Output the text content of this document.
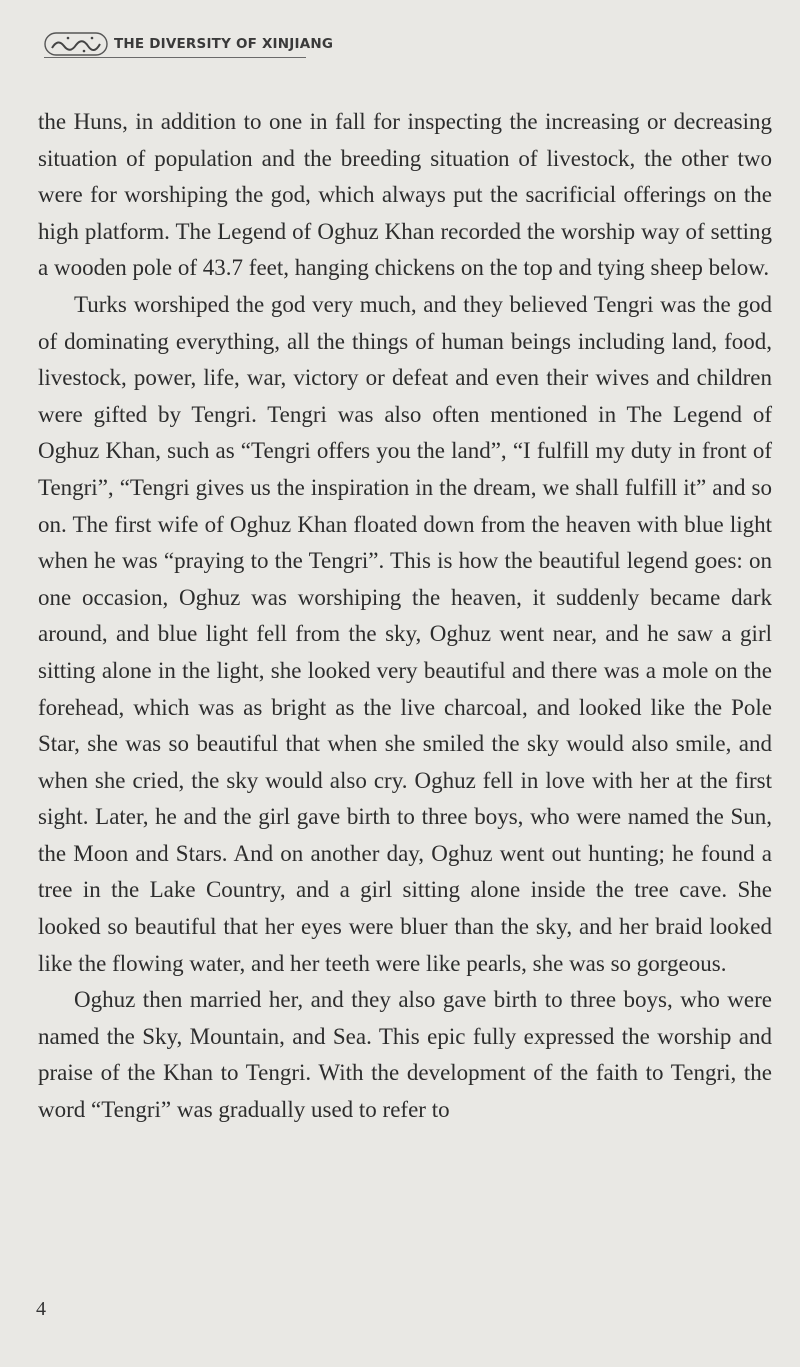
THE DIVERSITY OF XINJIANG

the Huns, in addition to one in fall for inspecting the increasing or decreasing situation of population and the breeding situation of livestock, the other two were for worshiping the god, which always put the sacrificial offerings on the high platform. The Legend of Oghuz Khan recorded the worship way of setting a wooden pole of 43.7 feet, hanging chickens on the top and tying sheep below.

Turks worshiped the god very much, and they believed Tengri was the god of dominating everything, all the things of human beings including land, food, livestock, power, life, war, victory or defeat and even their wives and children were gifted by Tengri. Tengri was also often mentioned in The Legend of Oghuz Khan, such as “Tengri offers you the land”, “I fulfill my duty in front of Tengri”, “Tengri gives us the inspiration in the dream, we shall fulfill it” and so on. The first wife of Oghuz Khan floated down from the heaven with blue light when he was “praying to the Tengri”. This is how the beautiful legend goes: on one occasion, Oghuz was worshiping the heaven, it suddenly became dark around, and blue light fell from the sky, Oghuz went near, and he saw a girl sitting alone in the light, she looked very beautiful and there was a mole on the forehead, which was as bright as the live charcoal, and looked like the Pole Star, she was so beautiful that when she smiled the sky would also smile, and when she cried, the sky would also cry. Oghuz fell in love with her at the first sight. Later, he and the girl gave birth to three boys, who were named the Sun, the Moon and Stars. And on another day, Oghuz went out hunting; he found a tree in the Lake Country, and a girl sitting alone inside the tree cave. She looked so beautiful that her eyes were bluer than the sky, and her braid looked like the flowing water, and her teeth were like pearls, she was so gorgeous.

Oghuz then married her, and they also gave birth to three boys, who were named the Sky, Mountain, and Sea. This epic fully expressed the worship and praise of the Khan to Tengri. With the development of the faith to Tengri, the word “Tengri” was gradually used to refer to

4
